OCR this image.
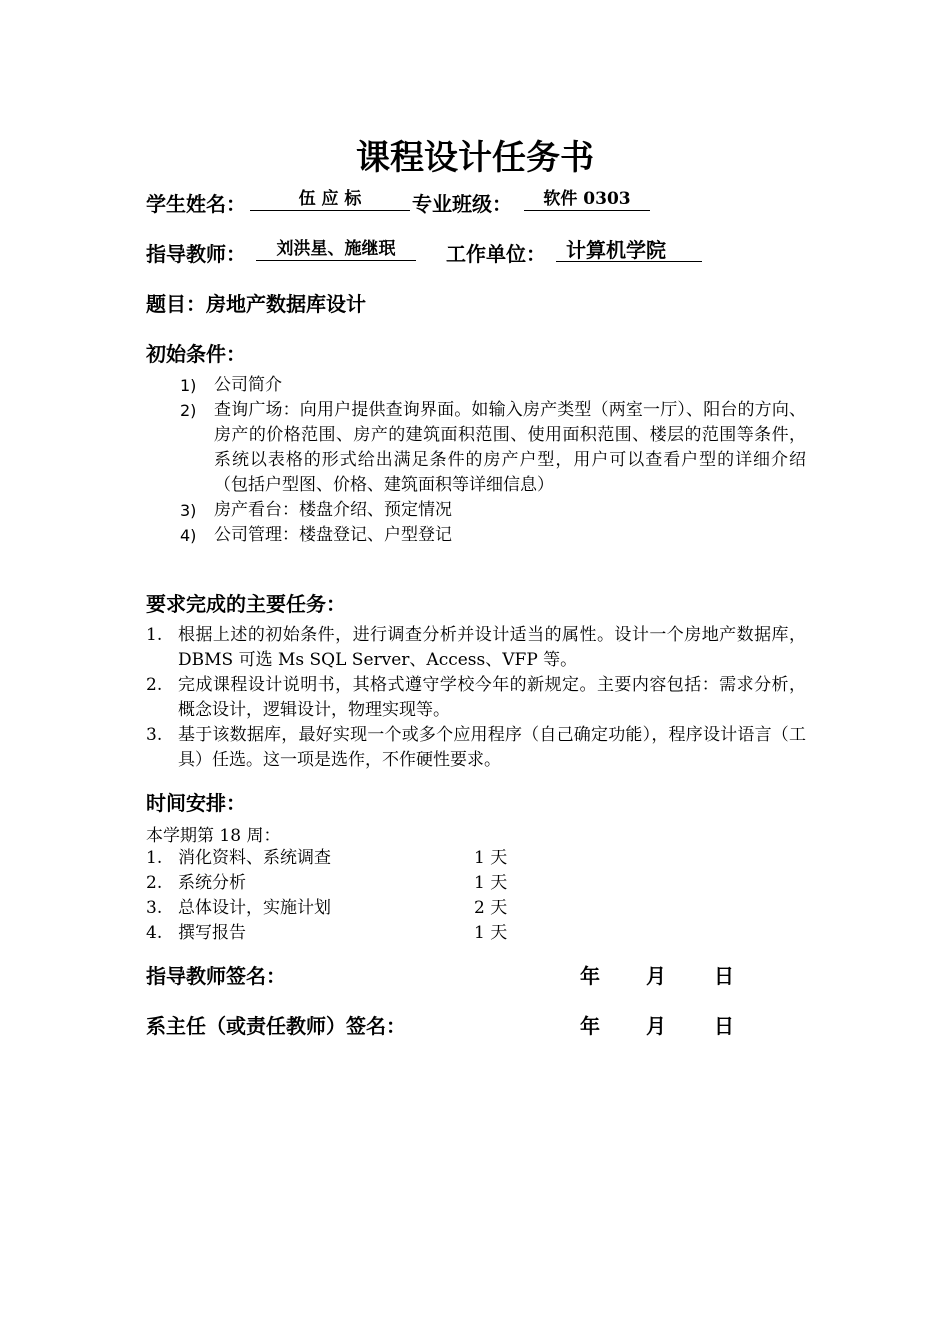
课程设计任务书
学生姓名：	伍 应 标	专业班级：	软件 0303
指导教师：	刘洪星、施继珉	工作单位：	计算机学院
题目：房地产数据库设计
初始条件：
1) 公司简介
2) 查询广场：向用户提供查询界面。如输入房产类型（两室一厅）、阳台的方向、房产的价格范围、房产的建筑面积范围、使用面积范围、楼层的范围等条件，系统以表格的形式给出满足条件的房产户型，用户可以查看户型的详细介绍（包括户型图、价格、建筑面积等详细信息）
3) 房产看台：楼盘介绍、预定情况
4) 公司管理：楼盘登记、户型登记
要求完成的主要任务：
1. 根据上述的初始条件，进行调查分析并设计适当的属性。设计一个房地产数据库，DBMS 可选 Ms SQL Server、Access、VFP 等。
2. 完成课程设计说明书，其格式遵守学校今年的新规定。主要内容包括：需求分析，概念设计，逻辑设计，物理实现等。
3. 基于该数据库，最好实现一个或多个应用程序（自己确定功能），程序设计语言（工具）任选。这一项是选作，不作硬性要求。
时间安排：
本学期第 18 周：
1. 消化资料、系统调查	1 天
2. 系统分析	1 天
3. 总体设计，实施计划	2 天
4. 撰写报告	1 天
指导教师签名：	年 月 日
系主任（或责任教师）签名：	年 月 日
